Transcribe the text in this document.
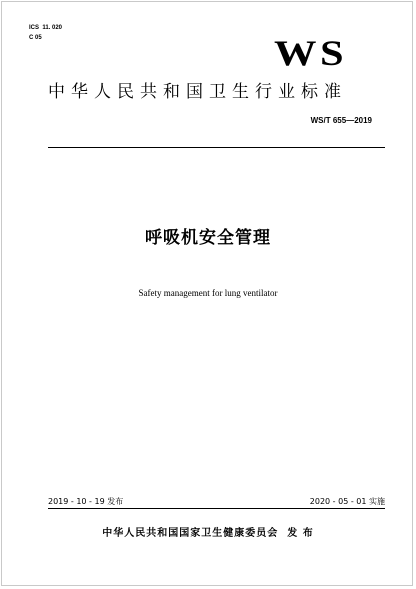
ICS  11. 020
C 05	WS
中华人民共和国卫生行业标准
WS/T 655—2019
呼吸机安全管理
Safety management for lung ventilator
2019 - 10 - 19 发布	2020 - 05 - 01 实施
中华人民共和国国家卫生健康委员会  发 布
